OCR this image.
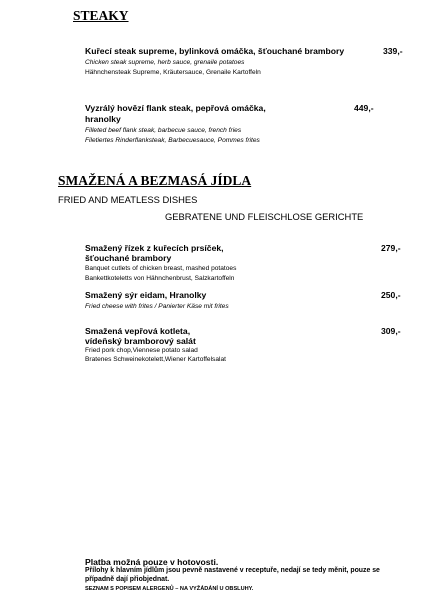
STEAKY
Kuřecí steak supreme, bylinková omáčka, šťouchané brambory	339,-
Chicken steak supreme, herb sauce, grenaile potatoes
Hähnchensteak Supreme, Kräutersauce, Grenaile Kartoffeln
Vyzrálý hovězí flank steak, pepřová omáčka,
hranolky
449,-
Filleted beef flank steak, barbecue sauce, french fries
Filetiertes Rinderflanksteak, Barbecuesauce, Pommes frites
SMAŽENÁ A BEZMASÁ JÍDLA
FRIED AND MEATLESS DISHES
GEBRATENE UND FLEISCHLOSE GERICHTE
Smažený řízek z kuřecích prsíček,
šťouchané brambory
279,-
Banquet cutlets of chicken breast, mashed potatoes
Bankettkoteletts von Hähnchenbrust, Salzkartoffeln
Smažený sýr eidam, Hranolky	250,-
Fried cheese with frites / Panierter Käse mit frites
Smažená vepřová kotleta,
vídeňský bramborový salát
309,-
Fried pork chop,Viennese potato salad
Bratenes Schweinekotelett,Wiener Kartoffelsalat
Platba možná pouze v hotovosti.
Přílohy k hlavním jídlům jsou pevně nastavené v receptuře, nedají se tedy měnit, pouze se
případně dají přiobjednat.
SEZNAM S POPISEM ALERGENŮ – NA VYŽÁDÁNÍ U OBSLUHY.
